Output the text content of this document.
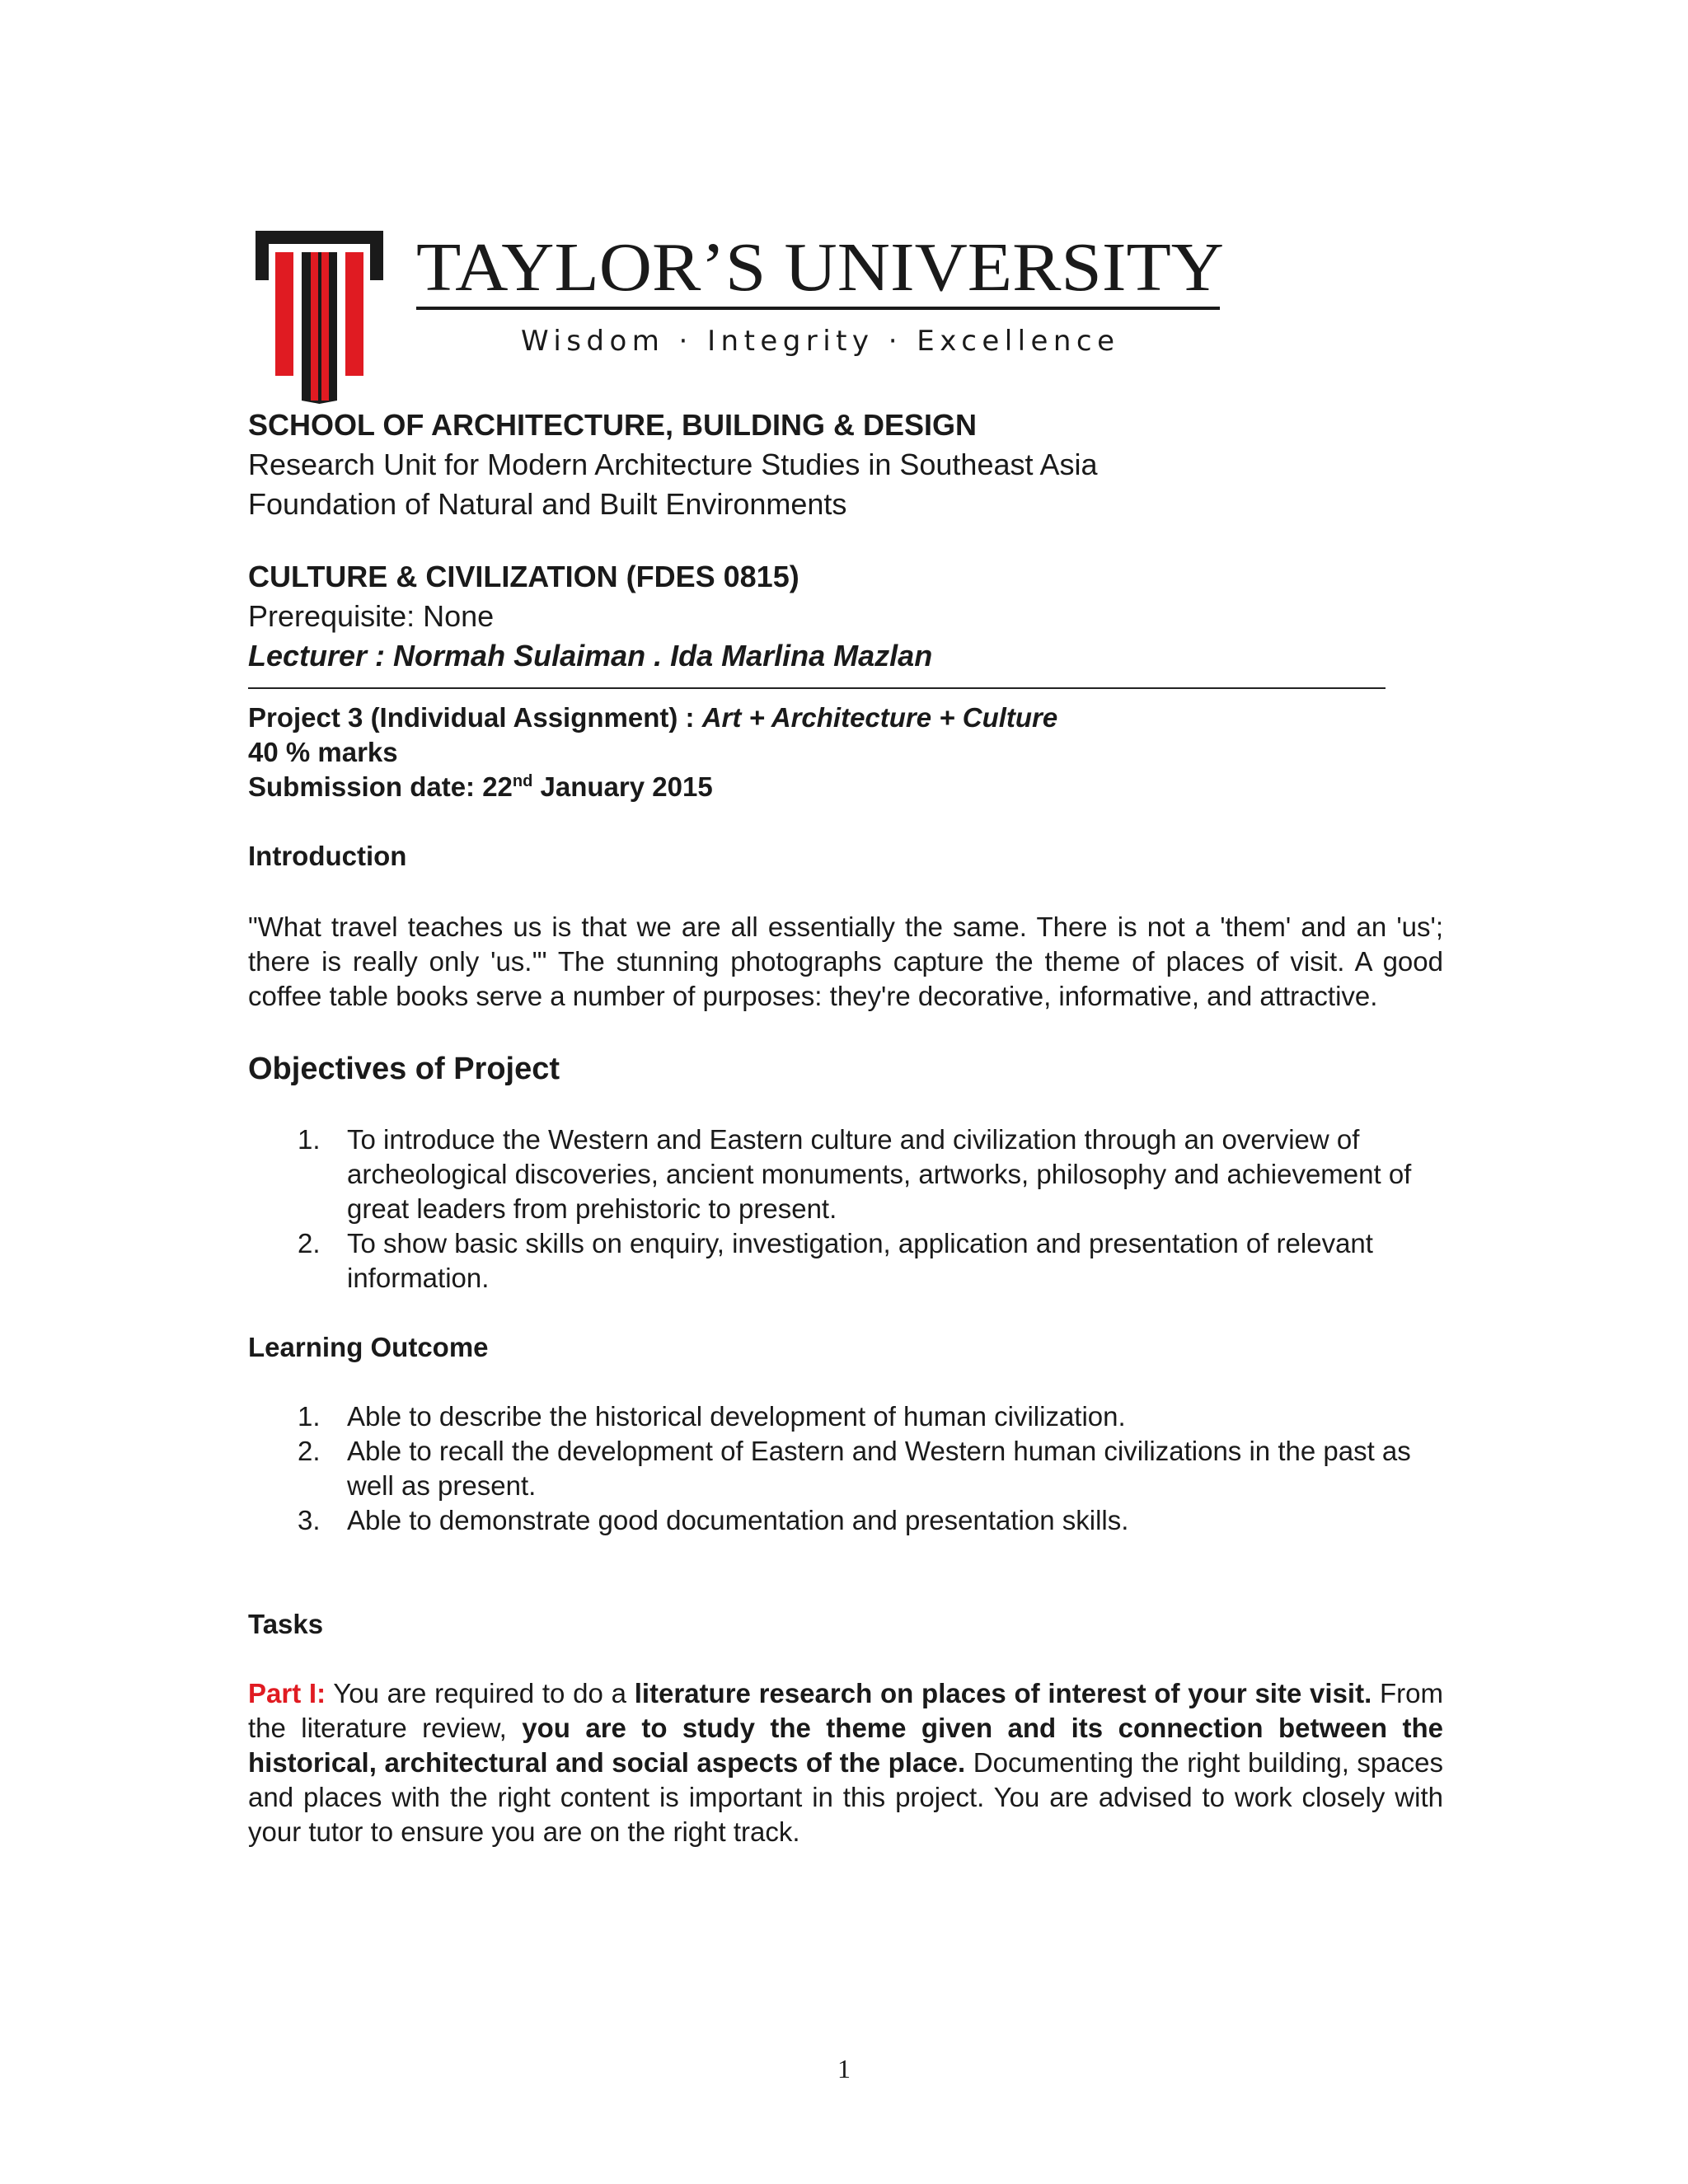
TAYLOR’S UNIVERSITY
Wisdom · Integrity · Excellence

SCHOOL OF ARCHITECTURE, BUILDING & DESIGN

Research Unit for Modern Architecture Studies in Southeast Asia

Foundation of Natural and Built Environments

CULTURE & CIVILIZATION (FDES 0815)

Prerequisite: None

Lecturer : Normah Sulaiman . Ida Marlina Mazlan

Project 3 (Individual Assignment) : Art + Architecture + Culture

40 % marks

Submission date: 22nd January 2015

Introduction

"What travel teaches us is that we are all essentially the same. There is not a 'them' and an 'us'; there is really only 'us.'" The stunning photographs capture the theme of places of visit. A good coffee table books serve a number of purposes: they're decorative, informative, and attractive.

Objectives of Project

1. To introduce the Western and Eastern culture and civilization through an overview of archeological discoveries, ancient monuments, artworks, philosophy and achievement of great leaders from prehistoric to present.
2. To show basic skills on enquiry, investigation, application and presentation of relevant information.

Learning Outcome

1. Able to describe the historical development of human civilization.
2. Able to recall the development of Eastern and Western human civilizations in the past as well as present.
3. Able to demonstrate good documentation and presentation skills.

Tasks

Part I: You are required to do a literature research on places of interest of your site visit. From the literature review, you are to study the theme given and its connection between the historical, architectural and social aspects of the place. Documenting the right building, spaces and places with the right content is important in this project. You are advised to work closely with your tutor to ensure you are on the right track.

1
